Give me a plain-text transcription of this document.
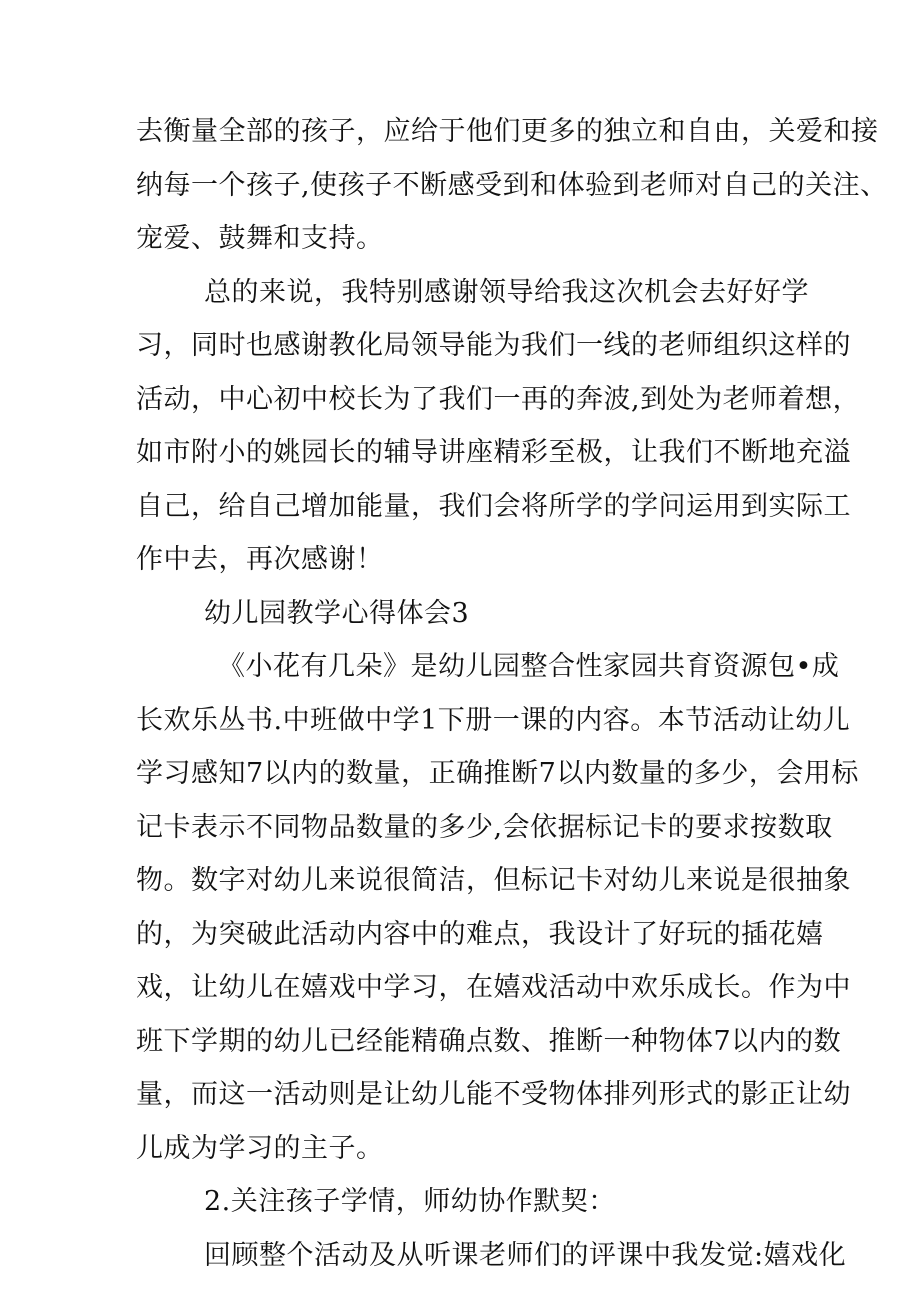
去衡量全部的孩子，应给于他们更多的独立和自由，关爱和接
纳每一个孩子,使孩子不断感受到和体验到老师对自己的关注、
宠爱、鼓舞和支持。
总的来说，我特别感谢领导给我这次机会去好好学
习，同时也感谢教化局领导能为我们一线的老师组织这样的
活动，中心初中校长为了我们一再的奔波,到处为老师着想，
如市附小的姚园长的辅导讲座精彩至极，让我们不断地充溢
自己，给自己增加能量，我们会将所学的学问运用到实际工
作中去，再次感谢！
幼儿园教学心得体会3
《小花有几朵》是幼儿园整合性家园共育资源包•成
长欢乐丛书.中班做中学1下册一课的内容。本节活动让幼儿
学习感知7以内的数量，正确推断7以内数量的多少，会用标
记卡表示不同物品数量的多少,会依据标记卡的要求按数取
物。数字对幼儿来说很简洁，但标记卡对幼儿来说是很抽象
的，为突破此活动内容中的难点，我设计了好玩的插花嬉
戏，让幼儿在嬉戏中学习，在嬉戏活动中欢乐成长。作为中
班下学期的幼儿已经能精确点数、推断一种物体7以内的数
量，而这一活动则是让幼儿能不受物体排列形式的影正让幼
儿成为学习的主子。
2.关注孩子学情，师幼协作默契：
回顾整个活动及从听课老师们的评课中我发觉:嬉戏化
